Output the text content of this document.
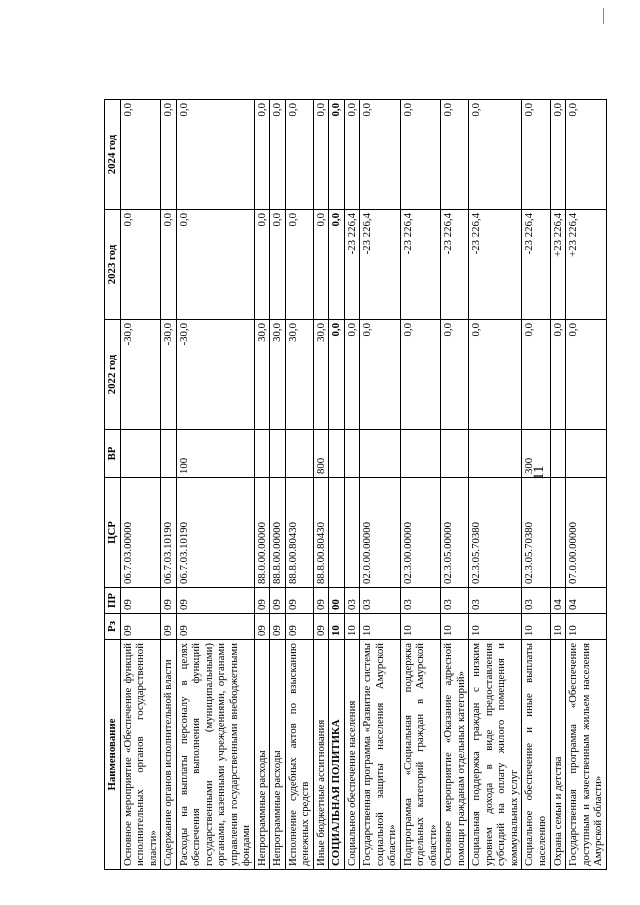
11
Наименование	Рз	ПР	ЦСР	ВР	2022 год	2023 год	2024 год
Основное мероприятие «Обеспечение функций исполнительных органов государственной власти»	09	09	06.7.03.00000		-30,0	0,0	0,0
Содержание органов исполнительной власти	09	09	06.7.03.10190		-30,0	0,0	0,0
Расходы на выплаты персоналу в целях обеспечения выполнения функций государственными (муниципальными) органами, казенными учреждениями, органами управления государственными внебюджетными фондами	09	09	06.7.03.10190	100	-30,0	0,0	0,0
Непрограммные расходы	09	09	88.0.00.00000		30,0	0,0	0,0
Непрограммные расходы	09	09	88.8.00.00000		30,0	0,0	0,0
Исполнение судебных актов по взысканию денежных средств	09	09	88.8.00.80430		30,0	0,0	0,0
Иные бюджетные ассигнования	09	09	88.8.00.80430	800	30,0	0,0	0,0
СОЦИАЛЬНАЯ ПОЛИТИКА	10	00			0,0	0,0	0,0
Социальное обеспечение населения	10	03			0,0	-23 226,4	0,0
Государственная программа «Развитие системы социальной защиты населения Амурской области»	10	03	02.0.00.00000		0,0	-23 226,4	0,0
Подпрограмма «Социальная поддержка отдельных категорий граждан в Амурской области»	10	03	02.3.00.00000		0,0	-23 226,4	0,0
Основное мероприятие «Оказание адресной помощи гражданам отдельных категорий»	10	03	02.3.05.00000		0,0	-23 226,4	0,0
Социальная поддержка граждан с низким уровнем дохода в виде предоставления субсидий на оплату жилого помещения и коммунальных услуг	10	03	02.3.05.70380		0,0	-23 226,4	0,0
Социальное обеспечение и иные выплаты населению	10	03	02.3.05.70380	300	0,0	-23 226,4	0,0
Охрана семьи и детства	10	04			0,0	+23 226,4	0,0
Государственная программа «Обеспечение доступным и качественным жильем населения Амурской области»	10	04	07.0.00.00000		0,0	+23 226,4	0,0
